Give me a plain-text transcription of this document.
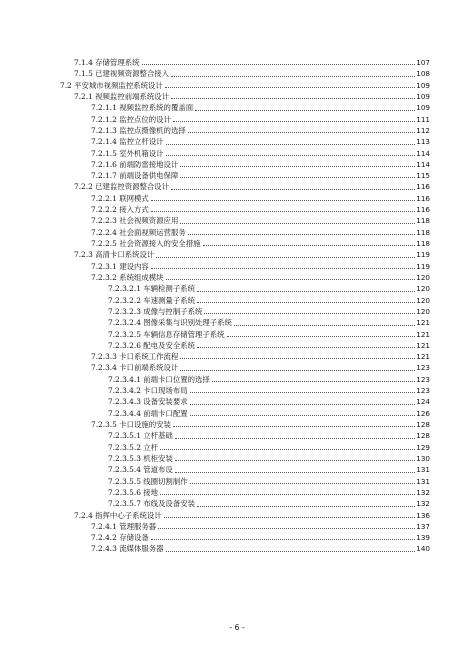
7.1.4 存储管理系统	107
7.1.5 已建视频资源整合接入	108
7.2 平安城市视频监控系统设计	109
7.2.1 视频监控前端系统设计	109
7.2.1.1 视频监控系统的覆盖面	109
7.2.1.2 监控点位的设计	111
7.2.1.3 监控点摄像机的选择	112
7.2.1.4 监控立杆设计	113
7.2.1.5 室外机箱设计	114
7.2.1.6 前端防雷接地设计	114
7.2.1.7 前端设备供电保障	115
7.2.2 已建监控资源整合设计	116
7.2.2.1 联网模式	116
7.2.2.2 接入方式	116
7.2.2.3 社会视频资源应用	118
7.2.2.4 社会面视频运营服务	118
7.2.2.5 社会资源接入的安全措施	118
7.2.3 高清卡口系统设计	119
7.2.3.1 建设内容	119
7.2.3.2 系统组成模块	120
7.2.3.2.1 车辆检测子系统	120
7.2.3.2.2 车速测量子系统	120
7.2.3.2.3 成像与控制子系统	120
7.2.3.2.4 图像采集与识别处理子系统	121
7.2.3.2.5 车辆信息存储管理子系统	121
7.2.3.2.6 配电及安全系统	121
7.2.3.3 卡口系统工作流程	121
7.2.3.4 卡口前端系统设计	123
7.2.3.4.1 前端卡口位置的选择	123
7.2.3.4.2 卡口现场布局	123
7.2.3.4.3 设备安装要求	124
7.2.3.4.4 前端卡口配置	126
7.2.3.5 卡口设施的安装	128
7.2.3.5.1 立杆基础	128
7.2.3.5.2 立杆	129
7.2.3.5.3 机柜安装	130
7.2.3.5.4 管道布设	131
7.2.3.5.5 线圈切割制作	131
7.2.3.5.6 接地	132
7.2.3.5.7 布线及设备安装	132
7.2.4 指挥中心子系统设计	136
7.2.4.1 管理服务器	137
7.2.4.2 存储设备	139
7.2.4.3 流媒体服务器	140
- 6 -
